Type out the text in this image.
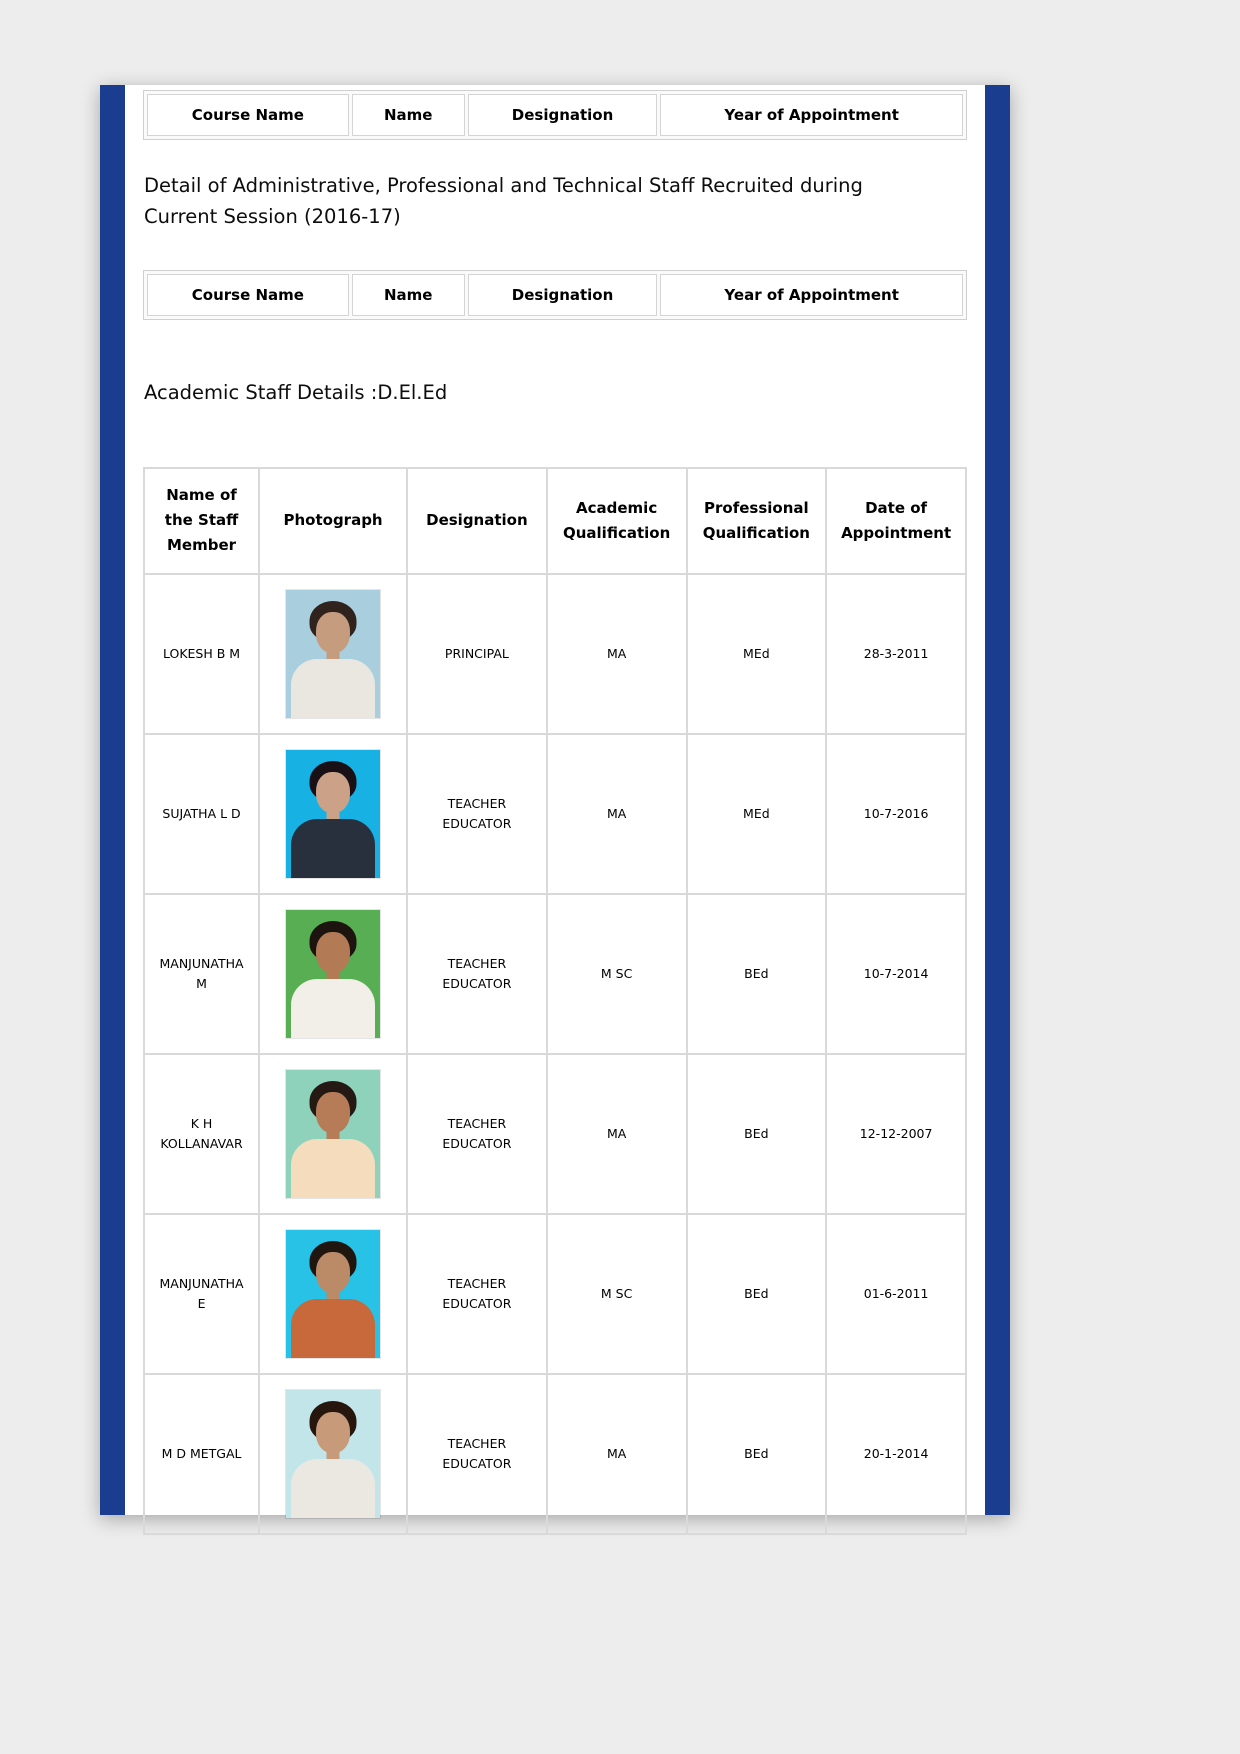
Course Name	Name	Designation	Year of Appointment
Detail of Administrative, Professional and Technical Staff Recruited during Current Session (2016-17)
Course Name	Name	Designation	Year of Appointment
Academic Staff Details :D.El.Ed
Name of the Staff Member	Photograph	Designation	Academic Qualification	Professional Qualification	Date of Appointment
LOKESH B M		PRINCIPAL	MA	MEd	28-3-2011
SUJATHA L D		TEACHER EDUCATOR	MA	MEd	10-7-2016
MANJUNATHA M		TEACHER EDUCATOR	M SC	BEd	10-7-2014
K H KOLLANAVAR		TEACHER EDUCATOR	MA	BEd	12-12-2007
MANJUNATHA E		TEACHER EDUCATOR	M SC	BEd	01-6-2011
M D METGAL		TEACHER EDUCATOR	MA	BEd	20-1-2014
